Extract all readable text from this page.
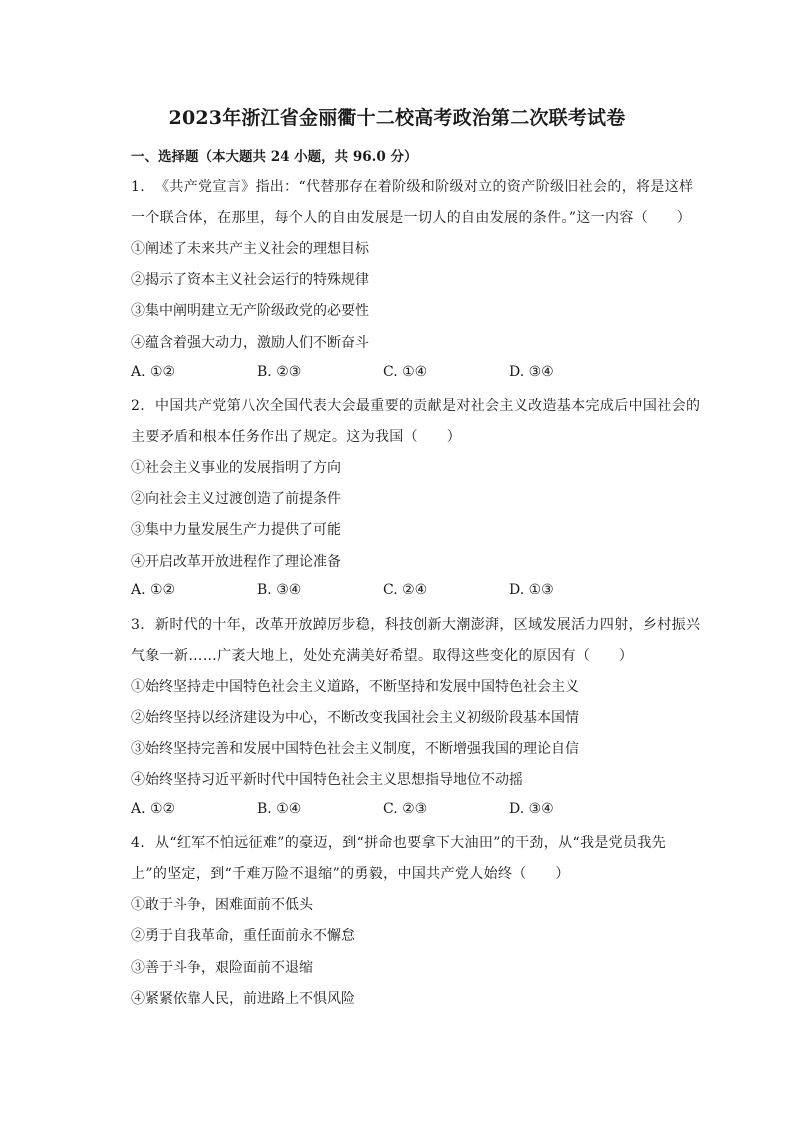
2023年浙江省金丽衢十二校高考政治第二次联考试卷
一、选择题（本大题共 24 小题，共 96.0 分）
1. 《共产党宣言》指出：“代替那存在着阶级和阶级对立的资产阶级旧社会的，将是这样
一个联合体，在那里，每个人的自由发展是一切人的自由发展的条件。”这一内容（　　）
①阐述了未来共产主义社会的理想目标
②揭示了资本主义社会运行的特殊规律
③集中阐明建立无产阶级政党的必要性
④蕴含着强大动力，激励人们不断奋斗
A. ①②	B. ②③	C. ①④	D. ③④
2. 中国共产党第八次全国代表大会最重要的贡献是对社会主义改造基本完成后中国社会的
主要矛盾和根本任务作出了规定。这为我国（　　）
①社会主义事业的发展指明了方向
②向社会主义过渡创造了前提条件
③集中力量发展生产力提供了可能
④开启改革开放进程作了理论准备
A. ①②	B. ③④	C. ②④	D. ①③
3. 新时代的十年，改革开放踔厉步稳，科技创新大潮澎湃，区域发展活力四射，乡村振兴
气象一新……广袤大地上，处处充满美好希望。取得这些变化的原因有（　　）
①始终坚持走中国特色社会主义道路，不断坚持和发展中国特色社会主义
②始终坚持以经济建设为中心，不断改变我国社会主义初级阶段基本国情
③始终坚持完善和发展中国特色社会主义制度，不断增强我国的理论自信
④始终坚持习近平新时代中国特色社会主义思想指导地位不动摇
A. ①②	B. ①④	C. ②③	D. ③④
4. 从“红军不怕远征难”的豪迈，到“拼命也要拿下大油田”的干劲，从“我是党员我先
上”的坚定，到“千难万险不退缩”的勇毅，中国共产党人始终（　　）
①敢于斗争，困难面前不低头
②勇于自我革命，重任面前永不懈怠
③善于斗争，艰险面前不退缩
④紧紧依靠人民，前进路上不惧风险
